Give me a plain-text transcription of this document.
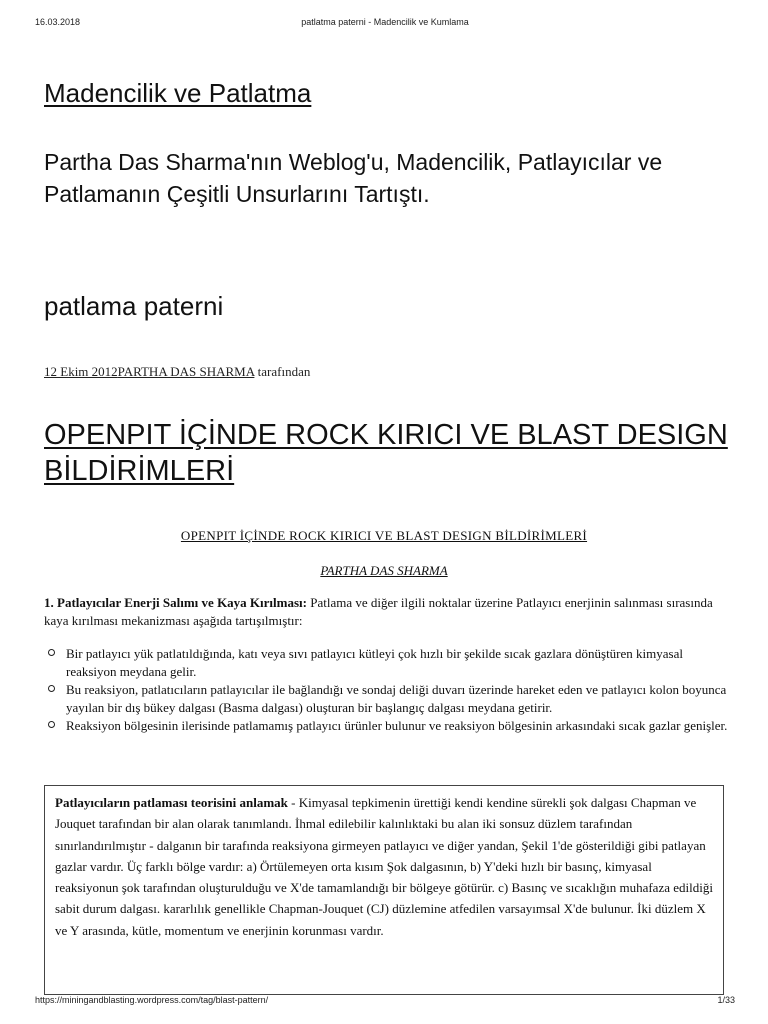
16.03.2018	patlatma paterni - Madencilik ve Kumlama
Madencilik ve Patlatma

Partha Das Sharma'nın Weblog'u, Madencilik, Patlayıcılar ve Patlamanın Çeşitli Unsurlarını Tartıştı.

patlama paterni
12 Ekim 2012PARTHA DAS SHARMA tarafından
OPENPIT İÇİNDE ROCK KIRICI VE BLAST DESIGN BİLDİRİMLERİ

OPENPIT İÇİNDE ROCK KIRICI VE BLAST DESIGN BİLDİRİMLERİ

PARTHA DAS SHARMA

1. Patlayıcılar Enerji Salımı ve Kaya Kırılması: Patlama ve diğer ilgili noktalar üzerine Patlayıcı enerjinin salınması sırasında kaya kırılması mekanizması aşağıda tartışılmıştır:

Bir patlayıcı yük patlatıldığında, katı veya sıvı patlayıcı kütleyi çok hızlı bir şekilde sıcak gazlara dönüştüren kimyasal reaksiyon meydana gelir.
Bu reaksiyon, patlatıcıların patlayıcılar ile bağlandığı ve sondaj deliği duvarı üzerinde hareket eden ve patlayıcı kolon boyunca yayılan bir dış bükey dalgası (Basma dalgası) oluşturan bir başlangıç dalgası meydana getirir.
Reaksiyon bölgesinin ilerisinde patlamamış patlayıcı ürünler bulunur ve reaksiyon bölgesinin arkasındaki sıcak gazlar genişler.
Patlayıcıların patlaması teorisini anlamak - Kimyasal tepkimenin ürettiği kendi kendine sürekli şok dalgası Chapman ve Jouquet tarafından bir alan olarak tanımlandı. İhmal edilebilir kalınlıktaki bu alan iki sonsuz düzlem tarafından sınırlandırılmıştır - dalganın bir tarafında reaksiyona girmeyen patlayıcı ve diğer yandan, Şekil 1'de gösterildiği gibi patlayan gazlar vardır. Üç farklı bölge vardır: a) Örtülemeyen orta kısım Şok dalgasının, b) Y'deki hızlı bir basınç, kimyasal reaksiyonun şok tarafından oluşturulduğu ve X'de tamamlandığı bir bölgeye götürür. c) Basınç ve sıcaklığın muhafaza edildiği sabit durum dalgası. kararlılık genellikle Chapman-Jouquet (CJ) düzlemine atfedilen varsayımsal X'de bulunur. İki düzlem X ve Y arasında, kütle, momentum ve enerjinin korunması vardır.
https://miningandblasting.wordpress.com/tag/blast-pattern/	1/33
